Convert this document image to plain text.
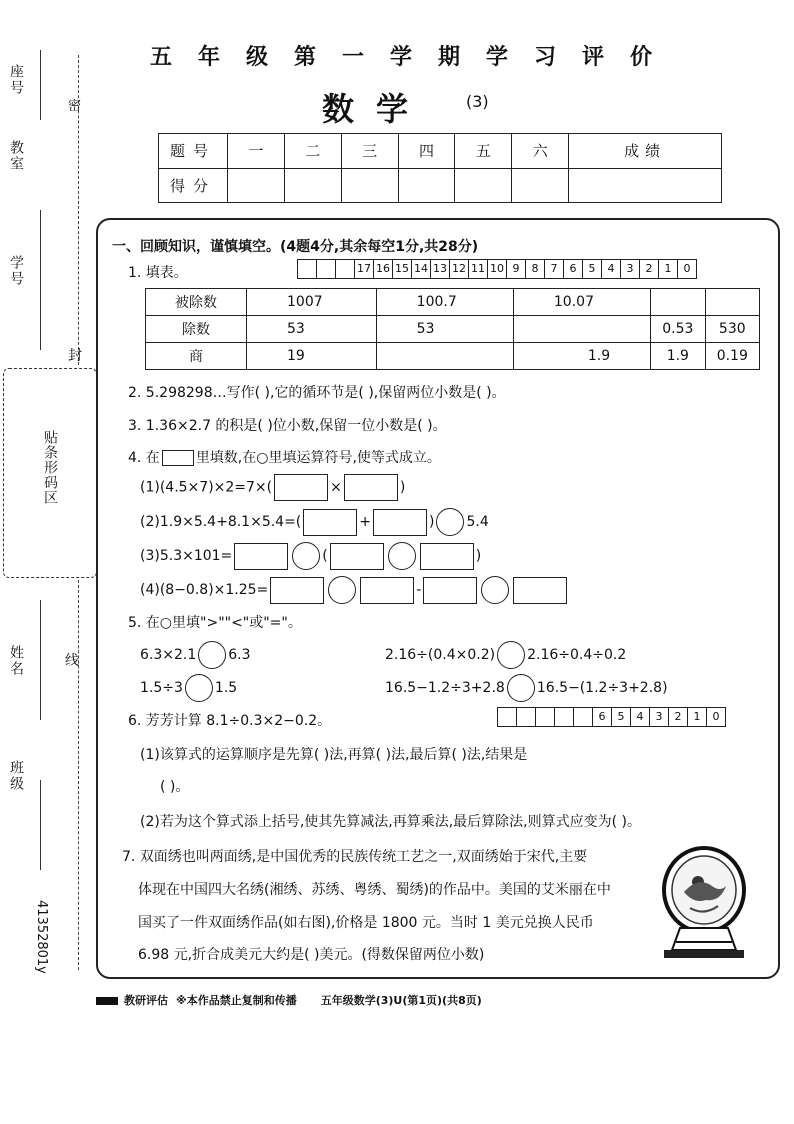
座号
教室
学号
姓名
班级
41352801y
贴条形码区
密
封
线
五年级第一学期学习评价
数学 (3)
题号	一	二	三	四	五	六	成绩
得分							
一、回顾知识，谨慎填空。(4题4分,其余每空1分,共28分)
1. 填表。	17 16 15 14 13 12 11 10 9	8	7	6	5	4	3	2	1	0
被除数	1007	100.7	10.07		
除数	53	53		0.53	530
商	19		1.9	1.9	0.19
2. 5.298298…写作( ),它的循环节是( ),保留两位小数是( )。
3. 1.36×2.7 的积是( )位小数,保留一位小数是( )。
4. 在	里填数,在○里填运算符号,使等式成立。
(1)(4.5×7)×2=7×(	×	)
(2)1.9×5.4+8.1×5.4=(	+	) 5.4
(3)5.3×101=	(	)
(4)(8−0.8)×1.25=	-
5. 在○里填">""<"或"="。
6.3×2.1 6.3	2.16÷(0.4×0.2) 2.16÷0.4÷0.2
1.5÷3 1.5	16.5−1.2÷3+2.8 16.5−(1.2÷3+2.8)
6. 芳芳计算 8.1÷0.3×2−0.2。	6	5	4	3	2	1	0
(1)该算式的运算顺序是先算( )法,再算( )法,最后算( )法,结果是
( )。
(2)若为这个算式添上括号,使其先算减法,再算乘法,最后算除法,则算式应变为( )。
7. 双面绣也叫两面绣,是中国优秀的民族传统工艺之一,双面绣始于宋代,主要
体现在中国四大名绣(湘绣、苏绣、粤绣、蜀绣)的作品中。美国的艾米丽在中
国买了一件双面绣作品(如右图),价格是 1800 元。当时 1 美元兑换人民币
6.98 元,折合成美元大约是( )美元。(得数保留两位小数)
教研评估 ※本作品禁止复制和传播 五年级数学(3)U(第1页)(共8页)
